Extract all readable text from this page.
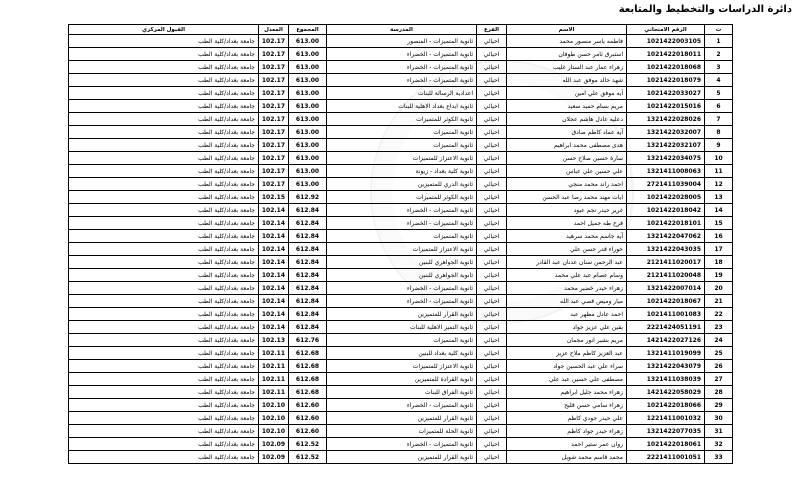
دائرة الدراسات والتخطيط والمتابعة
ت	الرقم الامتحاني	الاسم	الفرع	المدرسة	المجموع	المعدل	القبول المركزي
1	1021422003105	فاطمه ياسر منصور محمد	احيائي	ثانوية المتميزات - المنصور	613.00	102.17	جامعة بغداد/كلية الطب
2	1021422018011	استبرق ثامر حسن طوفان	احيائي	ثانوية المتميزات - الخضراء	613.00	102.17	جامعة بغداد/كلية الطب
3	1021422018068	زهراء عمار عبد الستار غليب	احيائي	ثانوية المتميزات - الخضراء	613.00	102.17	جامعة بغداد/كلية الطب
4	1021422018079	شهد خالد موفق عبد الله	احيائي	ثانوية المتميزات - الخضراء	613.00	102.17	جامعة بغداد/كلية الطب
5	1021422033027	آيه موفق علي امين	احيائي	اعدادية الرسالة للبنات	613.00	102.17	جامعة بغداد/كلية الطب
6	1021422015016	مريم بسام حميد سعيد	احيائي	ثانوية ابداع بغداد الاهلية للبنات	613.00	102.17	جامعة بغداد/كلية الطب
7	1321422028026	دعليه عادل هاشم عجلان	احيائي	ثانوية الكوثر للمتميزات	613.00	102.17	جامعة بغداد/كلية الطب
8	1321422032007	آيه عماد كاظم صادق	احيائي	ثانوية المتميزات	613.00	102.17	جامعة بغداد/كلية الطب
9	1321422032107	هدى مصطفى محمد ابراهيم	احيائي	ثانوية المتميزات	613.00	102.17	جامعة بغداد/كلية الطب
10	1321422034075	سارة حسين صلاح حسن	احيائي	ثانوية الاعتزاز للمتميزات	613.00	102.17	جامعة بغداد/كلية الطب
11	1321411008063	علي حسين علي عباس	احيائي	ثانوية كلية بغداد - زيونة	613.00	102.17	جامعة بغداد/كلية الطب
12	2721411039004	احمد راند محمد منجي	احيائي	ثانوية الدري للمتميزين	613.00	102.17	جامعة بغداد/كلية الطب
13	1021422028005	ايات مهند محمد رضا عبد الحسن	احيائي	ثانوية الكوثر للمتميزات	612.92	102.15	جامعة بغداد/كلية الطب
14	1021422018042	غرير حيدر نجم عبود	احيائي	ثانوية المتميزات - الخضراء	612.84	102.14	جامعة بغداد/كلية الطب
15	1021422018101	فرح طه جميل احمد	احيائي	ثانوية المتميزات - الخضراء	612.84	102.14	جامعة بغداد/كلية الطب
16	1321422047062	آيه جاسم محمد سرهيد	احيائي	ثانوية المتميزات	612.84	102.14	جامعة بغداد/كلية الطب
17	1321422043035	حوراء قدر حسن علي	احيائي	ثانوية الاعتزاز للمتميزات	612.84	102.14	جامعة بغداد/كلية الطب
18	2121411020017	عبد الرحمن سنان عدنان عبد القادر	احيائي	ثانوية الجواهري للبنين	612.84	102.14	جامعة بغداد/كلية الطب
19	2121411020048	وسام عصام عبد علي محمد	احيائي	ثانوية الجواهري للبنين	612.84	102.14	جامعة بغداد/كلية الطب
20	1321422007014	زهراء حيدر خضير محمد	احيائي	ثانوية المتميزات - الخضراء	612.84	102.14	جامعة بغداد/كلية الطب
21	1021422018067	ميار وميض قصي عبد الله	احيائي	ثانوية المتميزات - الخضراء	612.84	102.14	جامعة بغداد/كلية الطب
22	1021411001083	احمد عادل مظهر عبد	احيائي	ثانوية القرار للمتميزين	612.84	102.14	جامعة بغداد/كلية الطب
23	2221424051191	يقين علي عزيز جواد	احيائي	ثانوية التميز الاهلية للبنات	612.84	102.14	جامعة بغداد/كلية الطب
24	1421422027126	مريم بشير انور مجمان	احيائي	ثانوية المتميزات	612.76	102.13	جامعة بغداد/كلية الطب
25	1321411019099	عبد العزيز كاظم ملاح عزيز	احيائي	ثانوية كلية بغداد للبنين	612.68	102.11	جامعة بغداد/كلية الطب
26	1321422043079	سراء علي عبد الحسين جواد	احيائي	ثانوية الاعتزاز للمتميزات	612.68	102.11	جامعة بغداد/كلية الطب
27	1321411038039	مصطفى علي حسين عبد علي	احيائي	ثانوية القرادة للمتميزين	612.68	102.11	جامعة بغداد/كلية الطب
28	1421422058029	زهراء محمد جليل ابراهيم	احيائي	ثانوية الفراق للبنات	612.68	102.11	جامعة بغداد/كلية الطب
29	1021422018066	زهراء سامي حسن قليح	احيائي	ثانوية المتميزات - الخضراء	612.60	102.10	جامعة بغداد/كلية الطب
30	1221411001032	علي حيدر جودي كاظم	احيائي	ثانوية القرار للمتميزين	612.60	102.10	جامعة بغداد/كلية الطب
31	1321422077035	زهراء حيدر جواد كاظم	احيائي	ثانوية الحلة للمتميزات	612.60	102.10	جامعة بغداد/كلية الطب
32	1021422018061	روان عمر ستير احمد	احيائي	ثانوية المتميزات - الخضراء	612.52	102.09	جامعة بغداد/كلية الطب
33	2221411001051	محمد قاسم محمد شويل	احيائي	ثانوية القرار للمتميزين	612.52	102.09	جامعة بغداد/كلية الطب
